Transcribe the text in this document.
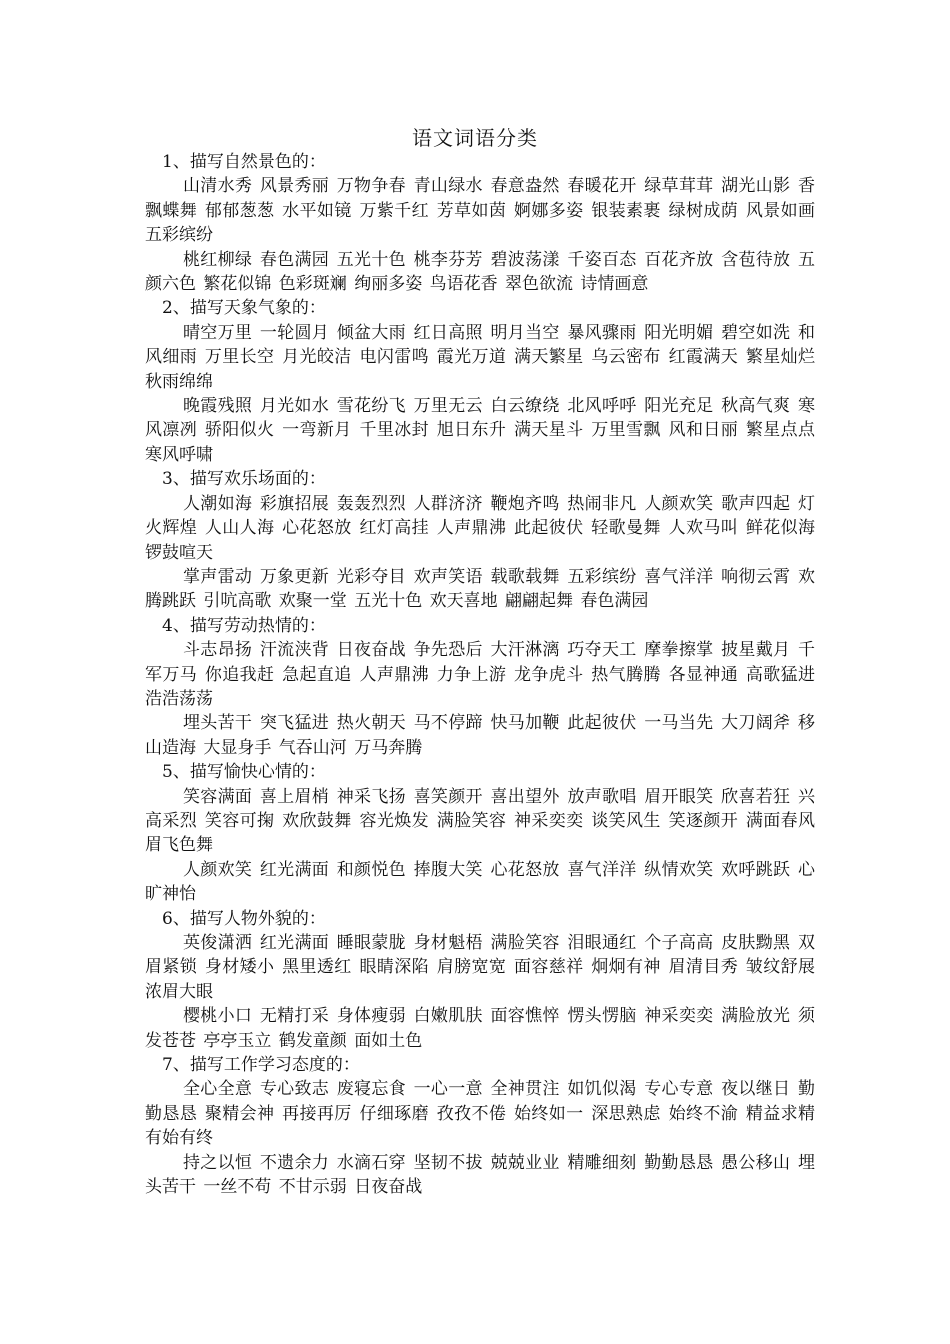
语文词语分类

1、描写自然景色的：

山清水秀 风景秀丽 万物争春 青山绿水 春意盎然 春暖花开 绿草茸茸 湖光山影 香飘蝶舞 郁郁葱葱 水平如镜 万紫千红 芳草如茵 婀娜多姿 银装素裹 绿树成荫 风景如画 五彩缤纷

桃红柳绿 春色满园 五光十色 桃李芬芳 碧波荡漾 千姿百态 百花齐放 含苞待放 五颜六色 繁花似锦 色彩斑斓 绚丽多姿 鸟语花香 翠色欲流 诗情画意

2、描写天象气象的：

晴空万里 一轮圆月 倾盆大雨 红日高照 明月当空 暴风骤雨 阳光明媚 碧空如洗 和风细雨 万里长空 月光皎洁 电闪雷鸣 霞光万道 满天繁星 乌云密布 红霞满天 繁星灿烂 秋雨绵绵

晚霞残照 月光如水 雪花纷飞 万里无云 白云缭绕 北风呼呼 阳光充足 秋高气爽 寒风凛冽 骄阳似火 一弯新月 千里冰封 旭日东升 满天星斗 万里雪飘 风和日丽 繁星点点 寒风呼啸

3、描写欢乐场面的：

人潮如海 彩旗招展 轰轰烈烈 人群济济 鞭炮齐鸣 热闹非凡 人颜欢笑 歌声四起 灯火辉煌 人山人海 心花怒放 红灯高挂 人声鼎沸 此起彼伏 轻歌曼舞 人欢马叫 鲜花似海 锣鼓喧天

掌声雷动 万象更新 光彩夺目 欢声笑语 载歌载舞 五彩缤纷 喜气洋洋 响彻云霄 欢腾跳跃 引吭高歌 欢聚一堂 五光十色 欢天喜地 翩翩起舞 春色满园

4、描写劳动热情的：

斗志昂扬 汗流浃背 日夜奋战 争先恐后 大汗淋漓 巧夺天工 摩拳擦掌 披星戴月 千军万马 你追我赶 急起直追 人声鼎沸 力争上游 龙争虎斗 热气腾腾 各显神通 高歌猛进 浩浩荡荡

埋头苦干 突飞猛进 热火朝天 马不停蹄 快马加鞭 此起彼伏 一马当先 大刀阔斧 移山造海 大显身手 气吞山河 万马奔腾

5、描写愉快心情的：

笑容满面 喜上眉梢 神采飞扬 喜笑颜开 喜出望外 放声歌唱 眉开眼笑 欣喜若狂 兴高采烈 笑容可掬 欢欣鼓舞 容光焕发 满脸笑容 神采奕奕 谈笑风生 笑逐颜开 满面春风 眉飞色舞

人颜欢笑 红光满面 和颜悦色 捧腹大笑 心花怒放 喜气洋洋 纵情欢笑 欢呼跳跃 心旷神怡

6、描写人物外貌的：

英俊潇洒 红光满面 睡眼蒙胧 身材魁梧 满脸笑容 泪眼通红 个子高高 皮肤黝黑 双眉紧锁 身材矮小 黑里透红 眼睛深陷 肩膀宽宽 面容慈祥 炯炯有神 眉清目秀 皱纹舒展 浓眉大眼

樱桃小口 无精打采 身体瘦弱 白嫩肌肤 面容憔悴 愣头愣脑 神采奕奕 满脸放光 须发苍苍 亭亭玉立 鹤发童颜 面如土色

7、描写工作学习态度的：

全心全意 专心致志 废寝忘食 一心一意 全神贯注 如饥似渴 专心专意 夜以继日 勤勤恳恳 聚精会神 再接再厉 仔细琢磨 孜孜不倦 始终如一 深思熟虑 始终不渝 精益求精 有始有终

持之以恒 不遗余力 水滴石穿 坚韧不拔 兢兢业业 精雕细刻 勤勤恳恳 愚公移山 埋头苦干 一丝不苟 不甘示弱 日夜奋战
